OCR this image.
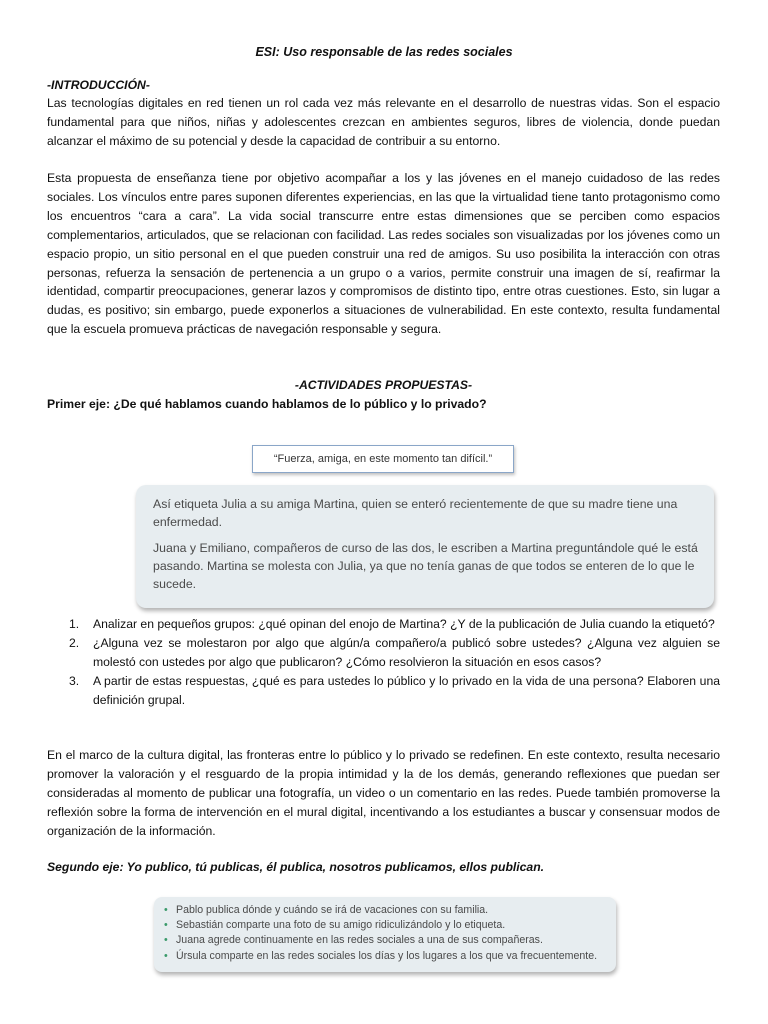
ESI: Uso responsable de las redes sociales
-INTRODUCCIÓN-

Las tecnologías digitales en red tienen un rol cada vez más relevante en el desarrollo de nuestras vidas. Son el espacio fundamental para que niños, niñas y adolescentes crezcan en ambientes seguros, libres de violencia, donde puedan alcanzar el máximo de su potencial y desde la capacidad de contribuir a su entorno.

Esta propuesta de enseñanza tiene por objetivo acompañar a los y las jóvenes en el manejo cuidadoso de las redes sociales. Los vínculos entre pares suponen diferentes experiencias, en las que la virtualidad tiene tanto protagonismo como los encuentros “cara a cara”. La vida social transcurre entre estas dimensiones que se perciben como espacios complementarios, articulados, que se relacionan con facilidad. Las redes sociales son visualizadas por los jóvenes como un espacio propio, un sitio personal en el que pueden construir una red de amigos. Su uso posibilita la interacción con otras personas, refuerza la sensación de pertenencia a un grupo o a varios, permite construir una imagen de sí, reafirmar la identidad, compartir preocupaciones, generar lazos y compromisos de distinto tipo, entre otras cuestiones. Esto, sin lugar a dudas, es positivo; sin embargo, puede exponerlos a situaciones de vulnerabilidad. En este contexto, resulta fundamental que la escuela promueva prácticas de navegación responsable y segura.

-ACTIVIDADES PROPUESTAS-
Primer eje: ¿De qué hablamos cuando hablamos de lo público y lo privado?
“Fuerza, amiga, en este momento tan difícil.”

Así etiqueta Julia a su amiga Martina, quien se enteró recientemente de que su madre tiene una enfermedad.

Juana y Emiliano, compañeros de curso de las dos, le escriben a Martina preguntándole qué le está pasando. Martina se molesta con Julia, ya que no tenía ganas de que todos se enteren de lo que le sucede.

1. Analizar en pequeños grupos: ¿qué opinan del enojo de Martina? ¿Y de la publicación de Julia cuando la etiquetó?
2. ¿Alguna vez se molestaron por algo que algún/a compañero/a publicó sobre ustedes? ¿Alguna vez alguien se molestó con ustedes por algo que publicaron? ¿Cómo resolvieron la situación en esos casos?
3. A partir de estas respuestas, ¿qué es para ustedes lo público y lo privado en la vida de una persona? Elaboren una definición grupal.

En el marco de la cultura digital, las fronteras entre lo público y lo privado se redefinen. En este contexto, resulta necesario promover la valoración y el resguardo de la propia intimidad y la de los demás, generando reflexiones que puedan ser consideradas al momento de publicar una fotografía, un video o un comentario en las redes. Puede también promoverse la reflexión sobre la forma de intervención en el mural digital, incentivando a los estudiantes a buscar y consensuar modos de organización de la información.

Segundo eje: Yo publico, tú publicas, él publica, nosotros publicamos, ellos publican.
• Pablo publica dónde y cuándo se irá de vacaciones con su familia.
• Sebastián comparte una foto de su amigo ridiculizándolo y lo etiqueta.
• Juana agrede continuamente en las redes sociales a una de sus compañeras.
• Úrsula comparte en las redes sociales los días y los lugares a los que va frecuentemente.
